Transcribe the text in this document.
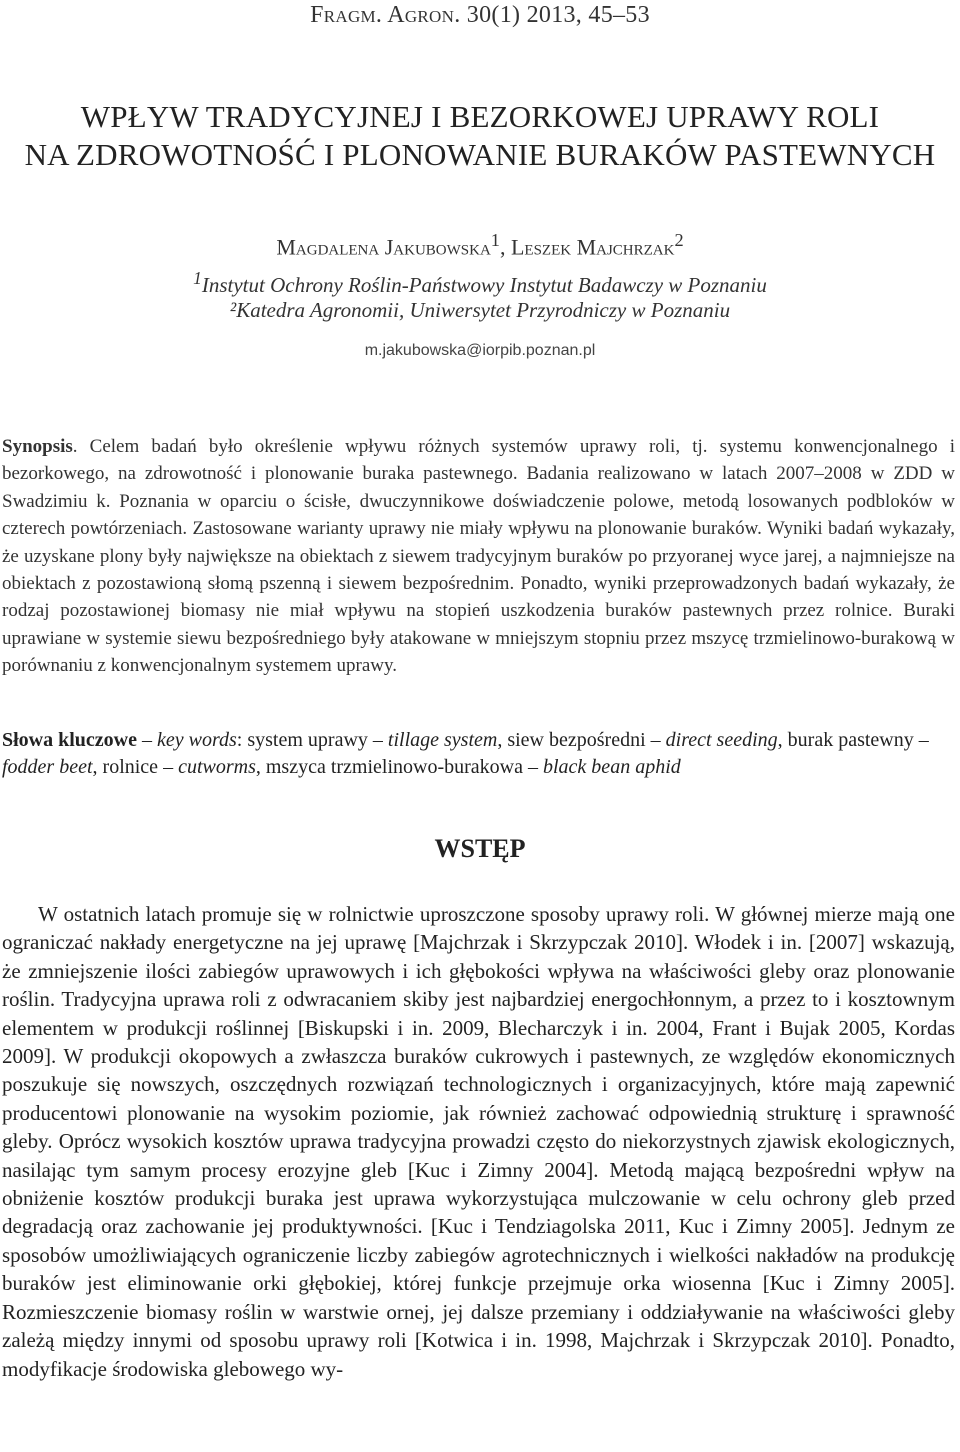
Fragm. Agron. 30(1) 2013, 45–53
WPŁYW TRADYCYJNEJ I BEZORKOWEJ UPRAWY ROLI
NA ZDROWOTNOŚĆ I PLONOWANIE BURAKÓW PASTEWNYCH
Magdalena Jakubowska$^1$, Leszek Majchrzak$^2$
$^1$Instytut Ochrony Roślin-Państwowy Instytut Badawczy w Poznaniu
²Katedra Agronomii, Uniwersytet Przyrodniczy w Poznaniu
m.jakubowska@iorpib.poznan.pl
Synopsis. Celem badań było określenie wpływu różnych systemów uprawy roli, tj. systemu konwencjonalnego i bezorkowego, na zdrowotność i plonowanie buraka pastewnego. Badania realizowano w latach 2007–2008 w ZDD w Swadzimiu k. Poznania w oparciu o ścisłe, dwuczynnikowe doświadczenie polowe, metodą losowanych podbloków w czterech powtórzeniach. Zastosowane warianty uprawy nie miały wpływu na plonowanie buraków. Wyniki badań wykazały, że uzyskane plony były największe na obiektach z siewem tradycyjnym buraków po przyoranej wyce jarej, a najmniejsze na obiektach z pozostawioną słomą pszenną i siewem bezpośrednim. Ponadto, wyniki przeprowadzonych badań wykazały, że rodzaj pozostawionej biomasy nie miał wpływu na stopień uszkodzenia buraków pastewnych przez rolnice. Buraki uprawiane w systemie siewu bezpośredniego były atakowane w mniejszym stopniu przez mszycę trzmielinowo-burakową w porównaniu z konwencjonalnym systemem uprawy.
Słowa kluczowe – key words: system uprawy – tillage system, siew bezpośredni – direct seeding, burak pastewny – fodder beet, rolnice – cutworms, mszyca trzmielinowo-burakowa – black bean aphid
WSTĘP
W ostatnich latach promuje się w rolnictwie uproszczone sposoby uprawy roli. W głównej mierze mają one ograniczać nakłady energetyczne na jej uprawę [Majchrzak i Skrzypczak 2010]. Włodek i in. [2007] wskazują, że zmniejszenie ilości zabiegów uprawowych i ich głębokości wpływa na właściwości gleby oraz plonowanie roślin. Tradycyjna uprawa roli z odwracaniem skiby jest najbardziej energochłonnym, a przez to i kosztownym elementem w produkcji roślinnej [Biskupski i in. 2009, Blecharczyk i in. 2004, Frant i Bujak 2005, Kordas 2009]. W produkcji okopowych a zwłaszcza buraków cukrowych i pastewnych, ze względów ekonomicznych poszukuje się nowszych, oszczędnych rozwiązań technologicznych i organizacyjnych, które mają zapewnić producentowi plonowanie na wysokim poziomie, jak również zachować odpowiednią strukturę i sprawność gleby. Oprócz wysokich kosztów uprawa tradycyjna prowadzi często do niekorzystnych zjawisk ekologicznych, nasilając tym samym procesy erozyjne gleb [Kuc i Zimny 2004]. Metodą mającą bezpośredni wpływ na obniżenie kosztów produkcji buraka jest uprawa wykorzystująca mulczowanie w celu ochrony gleb przed degradacją oraz zachowanie jej produktywności. [Kuc i Tendziagolska 2011, Kuc i Zimny 2005]. Jednym ze sposobów umożliwiających ograniczenie liczby zabiegów agrotechnicznych i wielkości nakładów na produkcję buraków jest eliminowanie orki głębokiej, której funkcje przejmuje orka wiosenna [Kuc i Zimny 2005]. Rozmieszczenie biomasy roślin w warstwie ornej, jej dalsze przemiany i oddziaływanie na właściwości gleby zależą między innymi od sposobu uprawy roli [Kotwica i in. 1998, Majchrzak i Skrzypczak 2010]. Ponadto, modyfikacje środowiska glebowego wy-
